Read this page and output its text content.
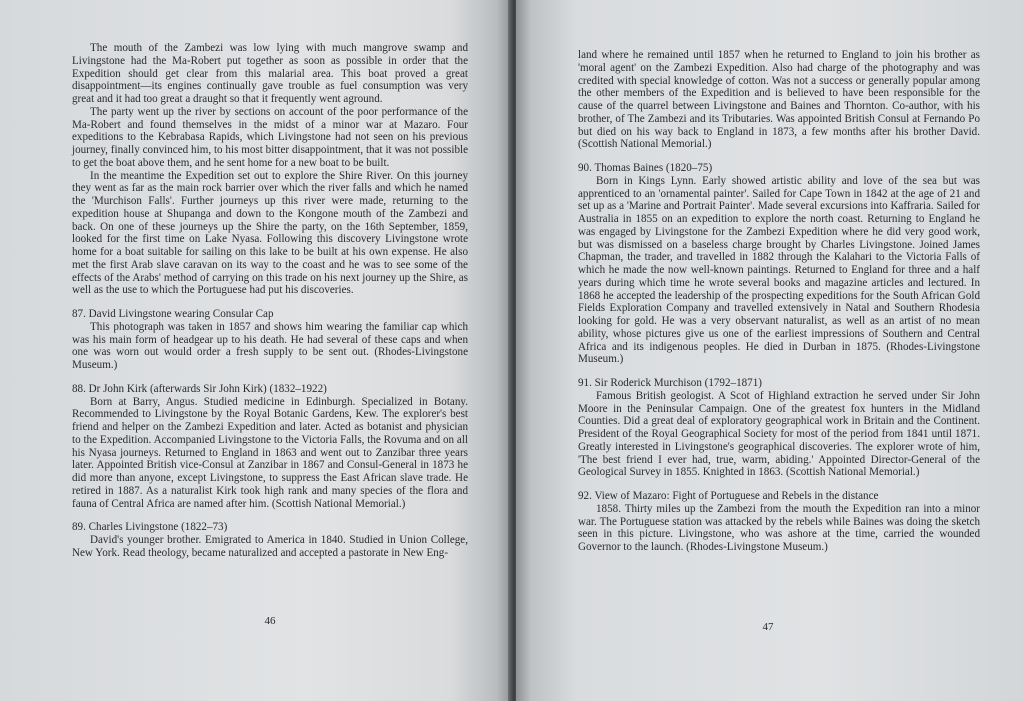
The mouth of the Zambezi was low lying with much mangrove swamp and Livingstone had the Ma-Robert put together as soon as possible in order that the Expedition should get clear from this malarial area. This boat proved a great disappointment—its engines continually gave trouble as fuel consumption was very great and it had too great a draught so that it frequently went aground.

The party went up the river by sections on account of the poor performance of the Ma-Robert and found themselves in the midst of a minor war at Mazaro. Four expeditions to the Kebrabasa Rapids, which Livingstone had not seen on his previous journey, finally convinced him, to his most bitter disappointment, that it was not possible to get the boat above them, and he sent home for a new boat to be built.

In the meantime the Expedition set out to explore the Shire River. On this journey they went as far as the main rock barrier over which the river falls and which he named the 'Murchison Falls'. Further journeys up this river were made, returning to the expedition house at Shupanga and down to the Kongone mouth of the Zambezi and back. On one of these journeys up the Shire the party, on the 16th September, 1859, looked for the first time on Lake Nyasa. Following this discovery Livingstone wrote home for a boat suitable for sailing on this lake to be built at his own expense. He also met the first Arab slave caravan on its way to the coast and he was to see some of the effects of the Arabs' method of carrying on this trade on his next journey up the Shire, as well as the use to which the Portuguese had put his discoveries.

87. David Livingstone wearing Consular Cap

This photograph was taken in 1857 and shows him wearing the familiar cap which was his main form of headgear up to his death. He had several of these caps and when one was worn out would order a fresh supply to be sent out. (Rhodes-Livingstone Museum.)

88. Dr John Kirk (afterwards Sir John Kirk) (1832–1922)

Born at Barry, Angus. Studied medicine in Edinburgh. Specialized in Botany. Recommended to Livingstone by the Royal Botanic Gardens, Kew. The explorer's best friend and helper on the Zambezi Expedition and later. Acted as botanist and physician to the Expedition. Accompanied Livingstone to the Victoria Falls, the Rovuma and on all his Nyasa journeys. Returned to England in 1863 and went out to Zanzibar three years later. Appointed British vice-Consul at Zanzibar in 1867 and Consul-General in 1873 he did more than anyone, except Livingstone, to suppress the East African slave trade. He retired in 1887. As a naturalist Kirk took high rank and many species of the flora and fauna of Central Africa are named after him. (Scottish National Memorial.)

89. Charles Livingstone (1822–73)

David's younger brother. Emigrated to America in 1840. Studied in Union College, New York. Read theology, became naturalized and accepted a pastorate in New Eng-

46

land where he remained until 1857 when he returned to England to join his brother as 'moral agent' on the Zambezi Expedition. Also had charge of the photography and was credited with special knowledge of cotton. Was not a success or generally popular among the other members of the Expedition and is believed to have been responsible for the cause of the quarrel between Livingstone and Baines and Thornton. Co-author, with his brother, of The Zambezi and its Tributaries. Was appointed British Consul at Fernando Po but died on his way back to England in 1873, a few months after his brother David. (Scottish National Memorial.)

90. Thomas Baines (1820–75)

Born in Kings Lynn. Early showed artistic ability and love of the sea but was apprenticed to an 'ornamental painter'. Sailed for Cape Town in 1842 at the age of 21 and set up as a 'Marine and Portrait Painter'. Made several excursions into Kaffraria. Sailed for Australia in 1855 on an expedition to explore the north coast. Returning to England he was engaged by Livingstone for the Zambezi Expedition where he did very good work, but was dismissed on a baseless charge brought by Charles Livingstone. Joined James Chapman, the trader, and travelled in 1882 through the Kalahari to the Victoria Falls of which he made the now well-known paintings. Returned to England for three and a half years during which time he wrote several books and magazine articles and lectured. In 1868 he accepted the leadership of the prospecting expeditions for the South African Gold Fields Exploration Company and travelled extensively in Natal and Southern Rhodesia looking for gold. He was a very observant naturalist, as well as an artist of no mean ability, whose pictures give us one of the earliest impressions of Southern and Central Africa and its indigenous peoples. He died in Durban in 1875. (Rhodes-Livingstone Museum.)

91. Sir Roderick Murchison (1792–1871)

Famous British geologist. A Scot of Highland extraction he served under Sir John Moore in the Peninsular Campaign. One of the greatest fox hunters in the Midland Counties. Did a great deal of exploratory geographical work in Britain and the Continent. President of the Royal Geographical Society for most of the period from 1841 until 1871. Greatly interested in Livingstone's geographical discoveries. The explorer wrote of him, 'The best friend I ever had, true, warm, abiding.' Appointed Director-General of the Geological Survey in 1855. Knighted in 1863. (Scottish National Memorial.)

92. View of Mazaro: Fight of Portuguese and Rebels in the distance

1858. Thirty miles up the Zambezi from the mouth the Expedition ran into a minor war. The Portuguese station was attacked by the rebels while Baines was doing the sketch seen in this picture. Livingstone, who was ashore at the time, carried the wounded Governor to the launch. (Rhodes-Livingstone Museum.)

47
